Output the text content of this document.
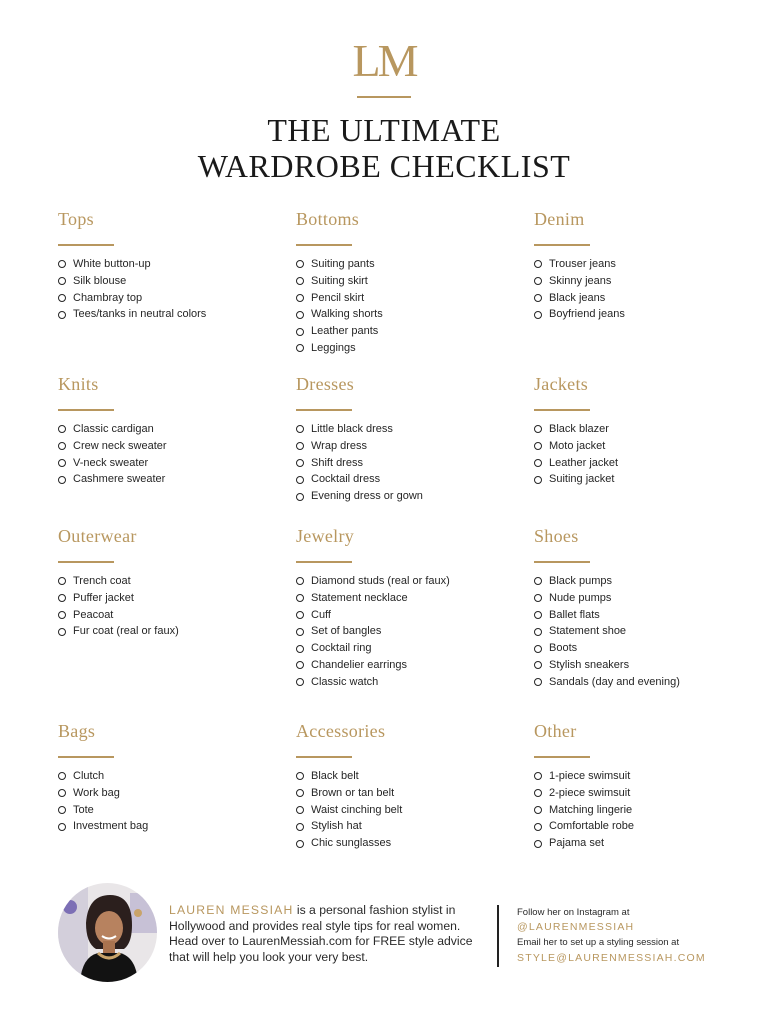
LM
THE ULTIMATE
WARDROBE CHECKLIST
Tops
White button-up
Silk blouse
Chambray top
Tees/tanks in neutral colors
Bottoms
Suiting pants
Suiting skirt
Pencil skirt
Walking shorts
Leather pants
Leggings
Denim
Trouser jeans
Skinny jeans
Black jeans
Boyfriend jeans
Knits
Classic cardigan
Crew neck sweater
V-neck sweater
Cashmere sweater
Dresses
Little black dress
Wrap dress
Shift dress
Cocktail dress
Evening dress or gown
Jackets
Black blazer
Moto jacket
Leather jacket
Suiting jacket
Outerwear
Trench coat
Puffer jacket
Peacoat
Fur coat (real or faux)
Jewelry
Diamond studs (real or faux)
Statement necklace
Cuff
Set of bangles
Cocktail ring
Chandelier earrings
Classic watch
Shoes
Black pumps
Nude pumps
Ballet flats
Statement shoe
Boots
Stylish sneakers
Sandals (day and evening)
Bags
Clutch
Work bag
Tote
Investment bag
Accessories
Black belt
Brown or tan belt
Waist cinching belt
Stylish hat
Chic sunglasses
Other
1-piece swimsuit
2-piece swimsuit
Matching lingerie
Comfortable robe
Pajama set
LAUREN MESSIAH is a personal fashion stylist in Hollywood and provides real style tips for real women. Head over to LaurenMessiah.com for FREE style advice that will help you look your very best.
Follow her on Instagram at
@LAURENMESSIAH
Email her to set up a styling session at
STYLE@LAURENMESSIAH.COM
